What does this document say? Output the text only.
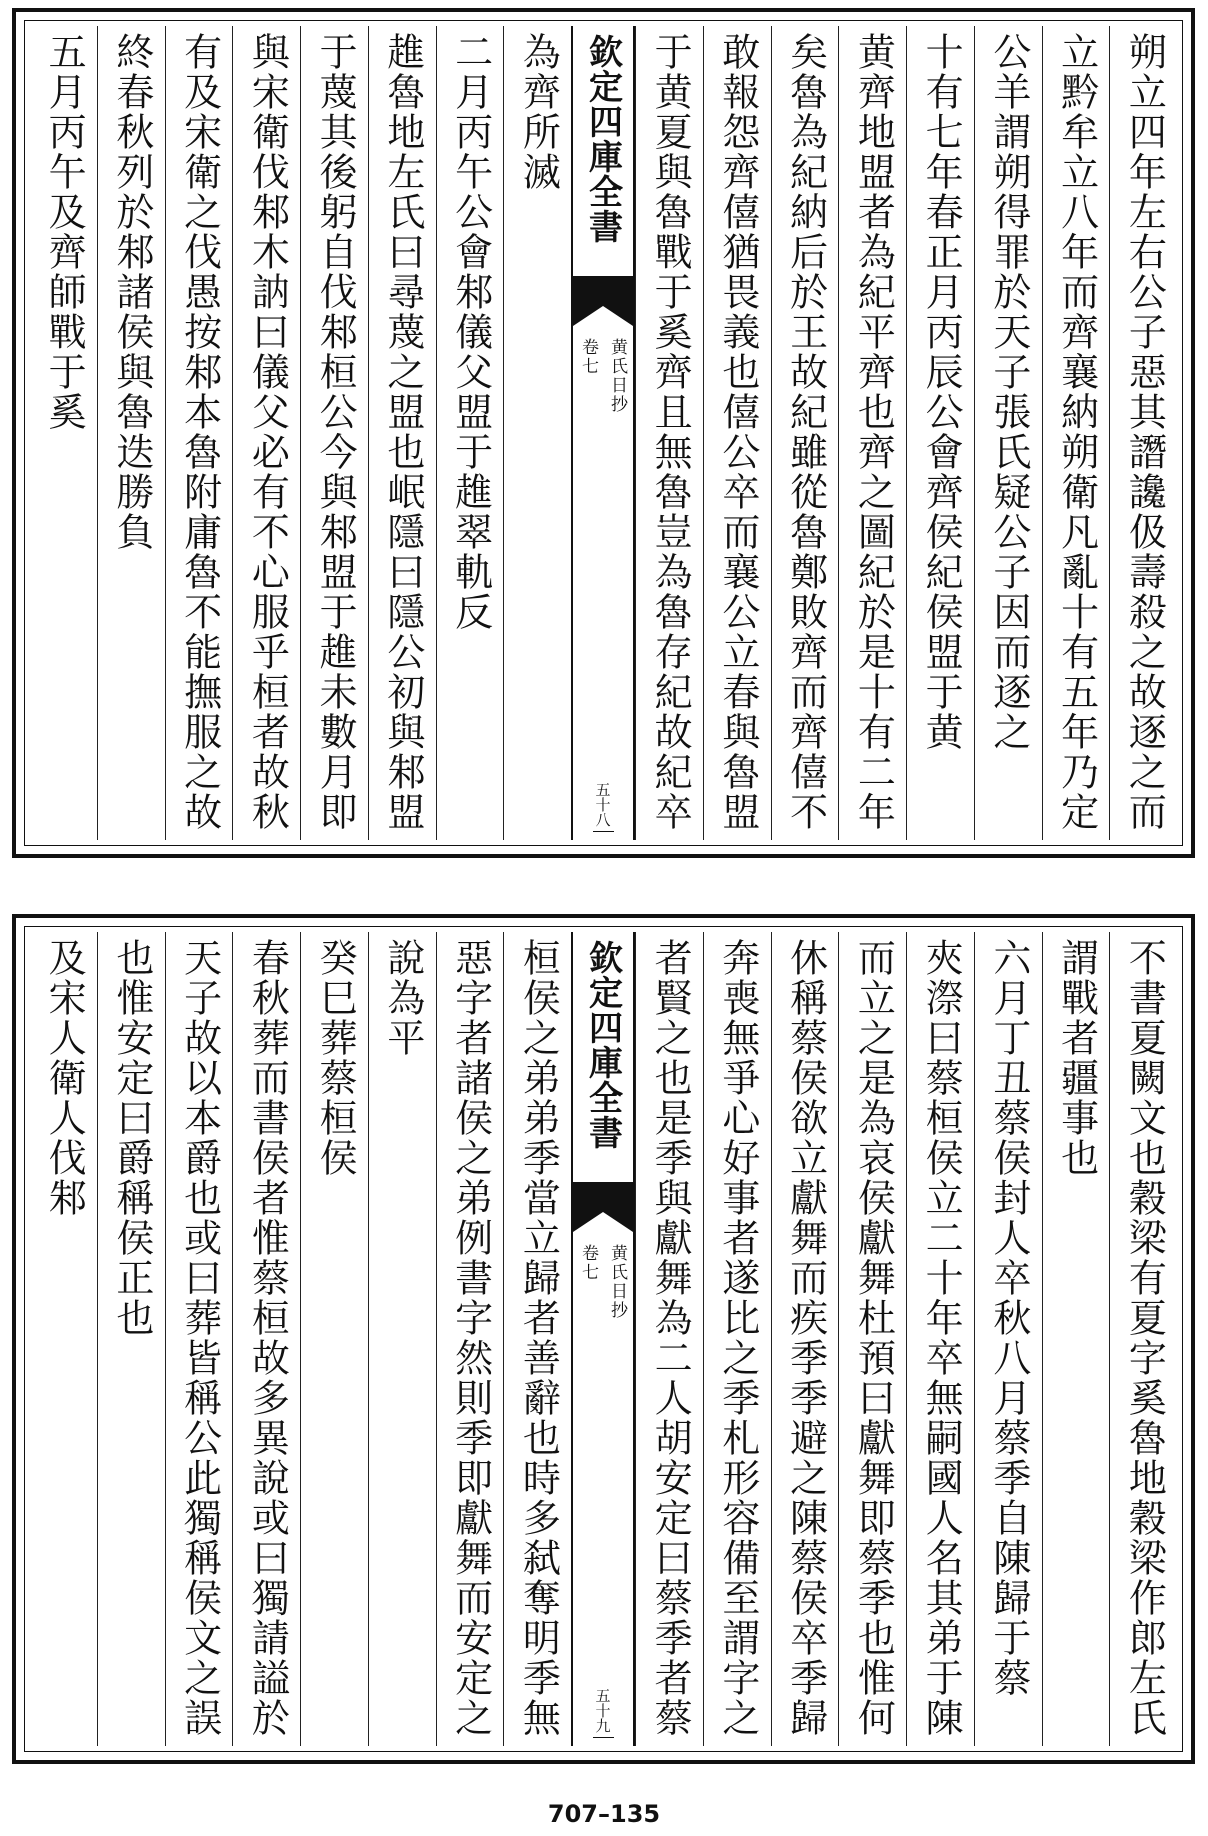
朔立四年左右公子惡其譖讒伋壽殺之故逐之而
立黔牟立八年而齊襄納朔衛凡亂十有五年乃定
公羊謂朔得罪於天子張氏疑公子因而逐之
十有七年春正月丙辰公會齊侯紀侯盟于黄
黄齊地盟者為紀平齊也齊之圖紀於是十有二年
矣魯為紀納后於王故紀雖從魯鄭敗齊而齊僖不
敢報怨齊僖猶畏義也僖公卒而襄公立春與魯盟
于黄夏與魯戰于奚齊且無魯豈為魯存紀故紀卒
欽定四庫全書
黄氏日抄
卷七
五十八
為齊所滅
二月丙午公會邾儀父盟于趡翠軌反
趡魯地左氏曰尋蔑之盟也岷隱曰隱公初與邾盟
于蔑其後躬自伐邾桓公今與邾盟于趡未數月即
與宋衛伐邾木訥曰儀父必有不心服乎桓者故秋
有及宋衛之伐愚按邾本魯附庸魯不能撫服之故
終春秋列於邾諸侯與魯迭勝負
五月丙午及齊師戰于奚
不書夏闕文也穀梁有夏字奚魯地穀梁作郎左氏
謂戰者疆事也
六月丁丑蔡侯封人卒秋八月蔡季自陳歸于蔡
夾漈曰蔡桓侯立二十年卒無嗣國人名其弟于陳
而立之是為哀侯獻舞杜預曰獻舞即蔡季也惟何
休稱蔡侯欲立獻舞而疾季季避之陳蔡侯卒季歸
奔喪無爭心好事者遂比之季札形容備至謂字之
者賢之也是季與獻舞為二人胡安定曰蔡季者蔡
欽定四庫全書
黄氏日抄
卷七
五十九
桓侯之弟弟季當立歸者善辭也時多弑奪明季無
惡字者諸侯之弟例書字然則季即獻舞而安定之
說為平
癸巳葬蔡桓侯
春秋葬而書侯者惟蔡桓故多異說或曰獨請謚於
天子故以本爵也或曰葬皆稱公此獨稱侯文之誤
也惟安定曰爵稱侯正也
及宋人衛人伐邾
707–135
